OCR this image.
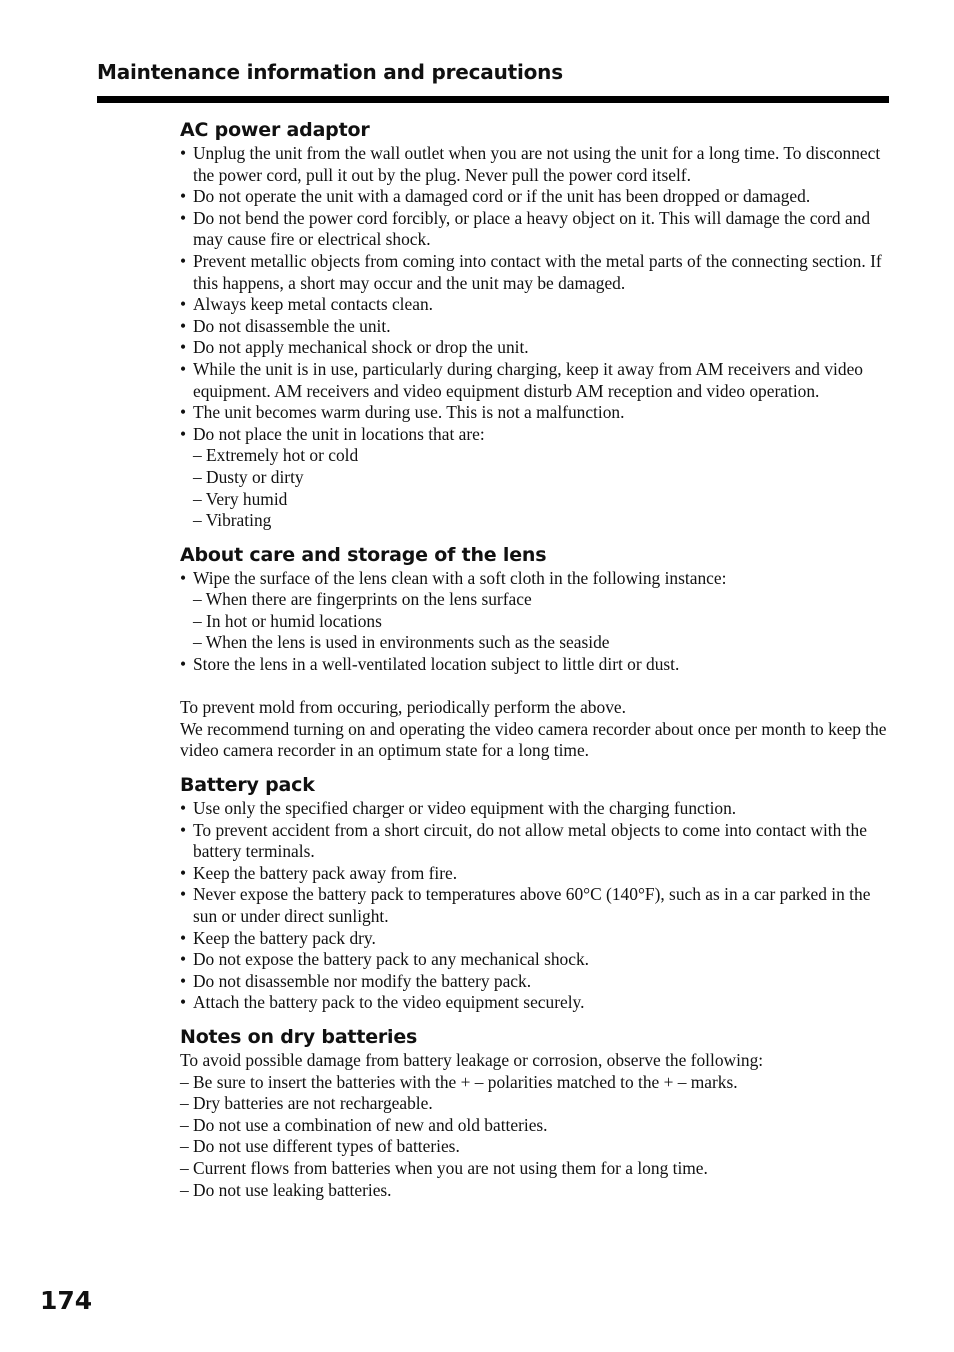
Maintenance information and precautions
AC power adaptor
• Unplug the unit from the wall outlet when you are not using the unit for a long time. To disconnect the power cord, pull it out by the plug. Never pull the power cord itself.
• Do not operate the unit with a damaged cord or if the unit has been dropped or damaged.
• Do not bend the power cord forcibly, or place a heavy object on it. This will damage the cord and may cause fire or electrical shock.
• Prevent metallic objects from coming into contact with the metal parts of the connecting section. If this happens, a short may occur and the unit may be damaged.
• Always keep metal contacts clean.
• Do not disassemble the unit.
• Do not apply mechanical shock or drop the unit.
• While the unit is in use, particularly during charging, keep it away from AM receivers and video equipment. AM receivers and video equipment disturb AM reception and video operation.
• The unit becomes warm during use. This is not a malfunction.
• Do not place the unit in locations that are:
– Extremely hot or cold
– Dusty or dirty
– Very humid
– Vibrating
About care and storage of the lens
• Wipe the surface of the lens clean with a soft cloth in the following instance:
– When there are fingerprints on the lens surface
– In hot or humid locations
– When the lens is used in environments such as the seaside
• Store the lens in a well-ventilated location subject to little dirt or dust.
To prevent mold from occuring, periodically perform the above.
We recommend turning on and operating the video camera recorder about once per month to keep the video camera recorder in an optimum state for a long time.
Battery pack
• Use only the specified charger or video equipment with the charging function.
• To prevent accident from a short circuit, do not allow metal objects to come into contact with the battery terminals.
• Keep the battery pack away from fire.
• Never expose the battery pack to temperatures above 60°C (140°F), such as in a car parked in the sun or under direct sunlight.
• Keep the battery pack dry.
• Do not expose the battery pack to any mechanical shock.
• Do not disassemble nor modify the battery pack.
• Attach the battery pack to the video equipment securely.
Notes on dry batteries
To avoid possible damage from battery leakage or corrosion, observe the following:
– Be sure to insert the batteries with the + – polarities matched to the + – marks.
– Dry batteries are not rechargeable.
– Do not use a combination of new and old batteries.
– Do not use different types of batteries.
– Current flows from batteries when you are not using them for a long time.
– Do not use leaking batteries.
174
